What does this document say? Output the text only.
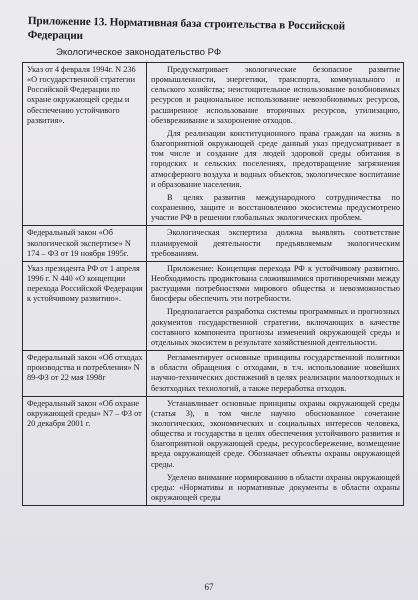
Приложение 13. Нормативная база строительства в Российской Федерации
Экологическое законодательство РФ
Указ от 4 февраля 1994г. N 236 «О государственной стратегии Российской Федерации по охране окружающей среды и обеспечению устойчивого развития».	Предусматривает экологические безопасное развитие промышленности, энергетики, транспорта, коммунального и сельского хозяйства; неистощительное использование возобновимых ресурсов и рациональное использование невозобновимых ресурсов, расширенное использование вторичных ресурсов, утилизацию, обезвреживание и захоронение отходов.

Для реализации конституционного права граждан на жизнь в благоприятной окружающей среде данный указ предусматривает в том числе и создание для людей здоровой среды обитания в городских и сельских поселениях, предотвращение загрязнения атмосферного воздуха и водных объектов, экологическое воспитание и образование населения.

В целях развития международного сотрудничества по сохранению, защите и восстановлению экосистемы предусмотрено участие РФ в решении глобальных экологических проблем.

Федеральный закон «Об экологической экспертизе» N 174 – ФЗ от 19 ноября 1995г.	Экологическая экспертиза должна выявлять соответствие планируемой деятельности предъявляемым экологическим требованиям.

Указ президента РФ от 1 апреля 1996 г. N 440 «О концепции перехода Российской Федерации к устойчивому развитию».	Приложение: Концепция перехода РФ к устойчивому развитию. Необходимость продиктована сложившимися противоречиями между растущими потребностями мирового общества и невозможностью биосферы обеспечить эти потребности.

Предполагается разработка системы программных и прогнозных документов государственной стратегии, включающих в качестве составного компонента прогнозы изменений окружающей среды и отдельных экосистем в результате хозяйственной деятельности.

Федеральный закон «Об отходах производства и потребления» N 89-ФЗ от 22 мая 1998г	Регламентирует основные принципы государственной политики в области обращения с отходами, в т.ч. использование новейших научно-технических достижений в целях реализации малоотходных и безотходных технологий, а также переработка отходов.

Федеральный закон «Об охране окружающей среды» N7 – ФЗ от 20 декабря 2001 г.	Устанавливает основные принципы охраны окружающей среды (статья 3), в том числе научно обоснованное сочетание экологических, экономических и социальных интересов человека, общества и государства в целях обеспечения устойчивого развития и благоприятной окружающей среды, ресурсосбережение, возмещение вреда окружающей среде. Обозначает объекты охраны окружающей среды.

Уделено внимание нормированию в области охраны окружающей среды: «Нормативы и нормативные документы в области охраны окружающей среды

67
